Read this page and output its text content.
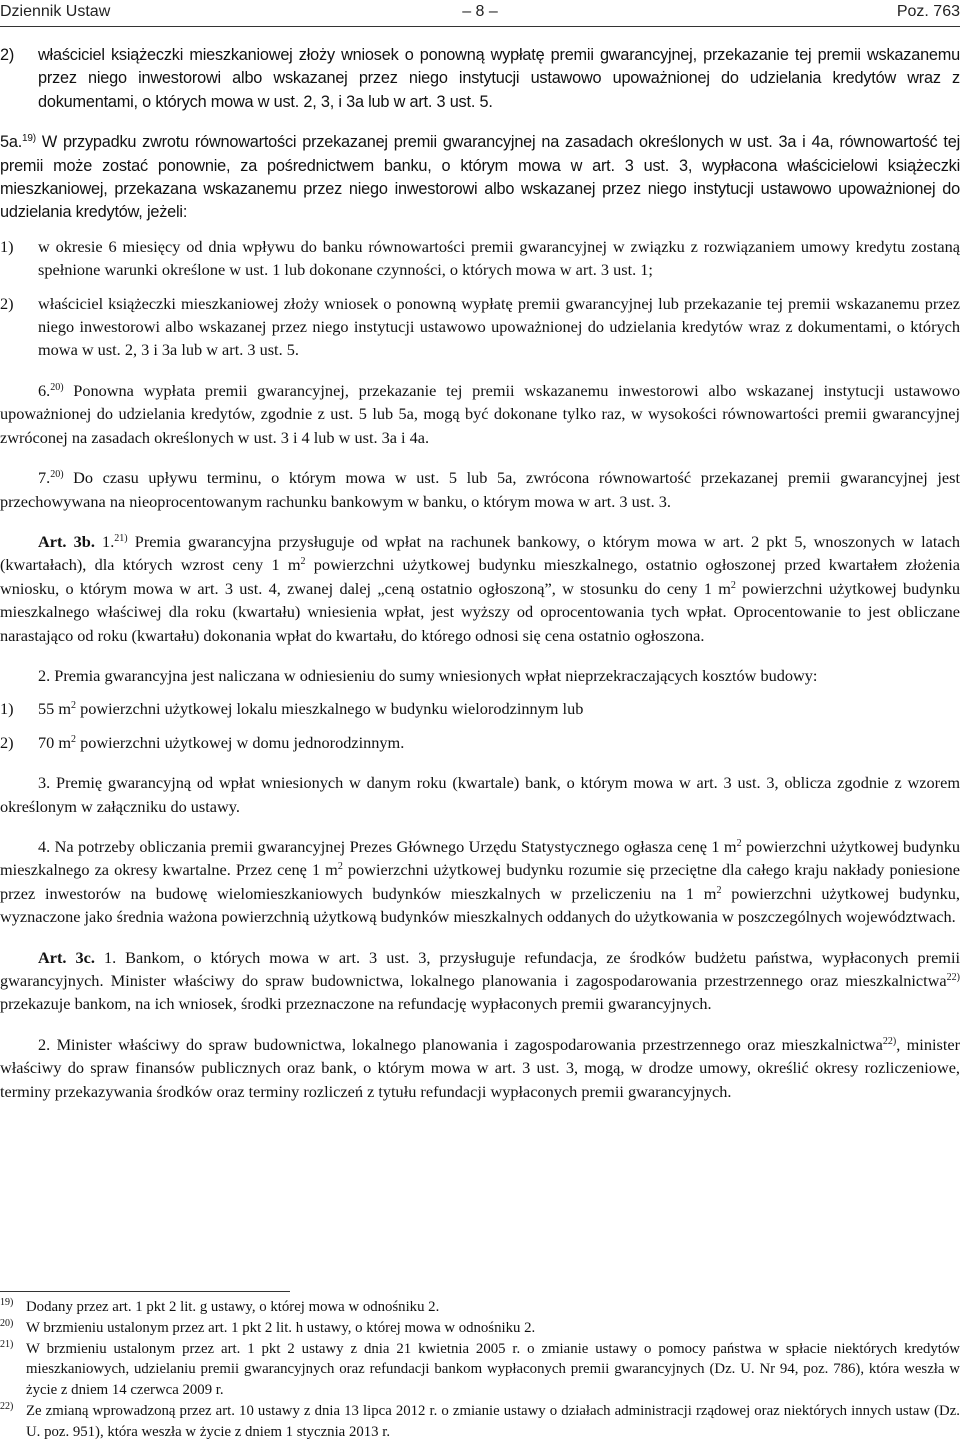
Dziennik Ustaw	– 8 –	Poz. 763
2) właściciel książeczki mieszkaniowej złoży wniosek o ponowną wypłatę premii gwarancyjnej, przekazanie tej premii wskazanemu przez niego inwestorowi albo wskazanej przez niego instytucji ustawowo upoważnionej do udzielania kredytów wraz z dokumentami, o których mowa w ust. 2, 3, i 3a lub w art. 3 ust. 5.

5a.$^{19)}$ W przypadku zwrotu równowartości przekazanej premii gwarancyjnej na zasadach określonych w ust. 3a i 4a, równowartość tej premii może zostać ponownie, za pośrednictwem banku, o którym mowa w art. 3 ust. 3, wypłacona właścicielowi książeczki mieszkaniowej, przekazana wskazanemu przez niego inwestorowi albo wskazanej przez niego instytucji ustawowo upoważnionej do udzielania kredytów, jeżeli:

1) w okresie 6 miesięcy od dnia wpływu do banku równowartości premii gwarancyjnej w związku z rozwiązaniem umowy kredytu zostaną spełnione warunki określone w ust. 1 lub dokonane czynności, o których mowa w art. 3 ust. 1;
2) właściciel książeczki mieszkaniowej złoży wniosek o ponowną wypłatę premii gwarancyjnej lub przekazanie tej premii wskazanemu przez niego inwestorowi albo wskazanej przez niego instytucji ustawowo upoważnionej do udzielania kredytów wraz z dokumentami, o których mowa w ust. 2, 3 i 3a lub w art. 3 ust. 5.

6.$^{20)}$ Ponowna wypłata premii gwarancyjnej, przekazanie tej premii wskazanemu inwestorowi albo wskazanej instytucji ustawowo upoważnionej do udzielania kredytów, zgodnie z ust. 5 lub 5a, mogą być dokonane tylko raz, w wysokości równowartości premii gwarancyjnej zwróconej na zasadach określonych w ust. 3 i 4 lub w ust. 3a i 4a.

7.$^{20)}$ Do czasu upływu terminu, o którym mowa w ust. 5 lub 5a, zwrócona równowartość przekazanej premii gwarancyjnej jest przechowywana na nieoprocentowanym rachunku bankowym w banku, o którym mowa w art. 3 ust. 3.

Art. 3b. 1.$^{21)}$ Premia gwarancyjna przysługuje od wpłat na rachunek bankowy, o którym mowa w art. 2 pkt 5, wnoszonych w latach (kwartałach), dla których wzrost ceny 1 $m^2$ powierzchni użytkowej budynku mieszkalnego, ostatnio ogłoszonej przed kwartałem złożenia wniosku, o którym mowa w art. 3 ust. 4, zwanej dalej „ceną ostatnio ogłoszoną”, w stosunku do ceny 1 $m^2$ powierzchni użytkowej budynku mieszkalnego właściwej dla roku (kwartału) wniesienia wpłat, jest wyższy od oprocentowania tych wpłat. Oprocentowanie to jest obliczane narastająco od roku (kwartału) dokonania wpłat do kwartału, do którego odnosi się cena ostatnio ogłoszona.

2. Premia gwarancyjna jest naliczana w odniesieniu do sumy wniesionych wpłat nieprzekraczających kosztów budowy:

1) 55 $m^2$ powierzchni użytkowej lokalu mieszkalnego w budynku wielorodzinnym lub
2) 70 $m^2$ powierzchni użytkowej w domu jednorodzinnym.

3. Premię gwarancyjną od wpłat wniesionych w danym roku (kwartale) bank, o którym mowa w art. 3 ust. 3, oblicza zgodnie z wzorem określonym w załączniku do ustawy.

4. Na potrzeby obliczania premii gwarancyjnej Prezes Głównego Urzędu Statystycznego ogłasza cenę 1 $m^2$ powierzchni użytkowej budynku mieszkalnego za okresy kwartalne. Przez cenę 1 $m^2$ powierzchni użytkowej budynku rozumie się przeciętne dla całego kraju nakłady poniesione przez inwestorów na budowę wielomieszkaniowych budynków mieszkalnych w przeliczeniu na 1 $m^2$ powierzchni użytkowej budynku, wyznaczone jako średnia ważona powierzchnią użytkową budynków mieszkalnych oddanych do użytkowania w poszczególnych województwach.

Art. 3c. 1. Bankom, o których mowa w art. 3 ust. 3, przysługuje refundacja, ze środków budżetu państwa, wypłaconych premii gwarancyjnych. Minister właściwy do spraw budownictwa, lokalnego planowania i zagospodarowania przestrzennego oraz mieszkalnictwa$^{22)}$ przekazuje bankom, na ich wniosek, środki przeznaczone na refundację wypłaconych premii gwarancyjnych.

2. Minister właściwy do spraw budownictwa, lokalnego planowania i zagospodarowania przestrzennego oraz mieszkalnictwa$^{22)}$, minister właściwy do spraw finansów publicznych oraz bank, o którym mowa w art. 3 ust. 3, mogą, w drodze umowy, określić okresy rozliczeniowe, terminy przekazywania środków oraz terminy rozliczeń z tytułu refundacji wypłaconych premii gwarancyjnych.

19) Dodany przez art. 1 pkt 2 lit. g ustawy, o której mowa w odnośniku 2.
20) W brzmieniu ustalonym przez art. 1 pkt 2 lit. h ustawy, o której mowa w odnośniku 2.
21) W brzmieniu ustalonym przez art. 1 pkt 2 ustawy z dnia 21 kwietnia 2005 r. o zmianie ustawy o pomocy państwa w spłacie niektórych kredytów mieszkaniowych, udzielaniu premii gwarancyjnych oraz refundacji bankom wypłaconych premii gwarancyjnych (Dz. U. Nr 94, poz. 786), która weszła w życie z dniem 14 czerwca 2009 r.
22) Ze zmianą wprowadzoną przez art. 10 ustawy z dnia 13 lipca 2012 r. o zmianie ustawy o działach administracji rządowej oraz niektórych innych ustaw (Dz. U. poz. 951), która weszła w życie z dniem 1 stycznia 2013 r.
